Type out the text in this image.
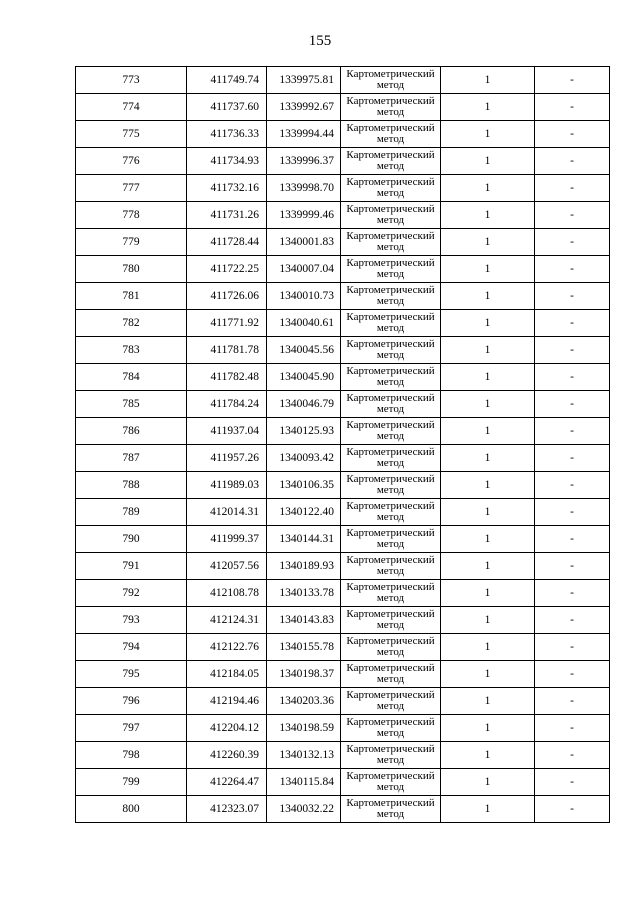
155
773	411749.74	1339975.81	Картометрический метод	1	-
774	411737.60	1339992.67	Картометрический метод	1	-
775	411736.33	1339994.44	Картометрический метод	1	-
776	411734.93	1339996.37	Картометрический метод	1	-
777	411732.16	1339998.70	Картометрический метод	1	-
778	411731.26	1339999.46	Картометрический метод	1	-
779	411728.44	1340001.83	Картометрический метод	1	-
780	411722.25	1340007.04	Картометрический метод	1	-
781	411726.06	1340010.73	Картометрический метод	1	-
782	411771.92	1340040.61	Картометрический метод	1	-
783	411781.78	1340045.56	Картометрический метод	1	-
784	411782.48	1340045.90	Картометрический метод	1	-
785	411784.24	1340046.79	Картометрический метод	1	-
786	411937.04	1340125.93	Картометрический метод	1	-
787	411957.26	1340093.42	Картометрический метод	1	-
788	411989.03	1340106.35	Картометрический метод	1	-
789	412014.31	1340122.40	Картометрический метод	1	-
790	411999.37	1340144.31	Картометрический метод	1	-
791	412057.56	1340189.93	Картометрический метод	1	-
792	412108.78	1340133.78	Картометрический метод	1	-
793	412124.31	1340143.83	Картометрический метод	1	-
794	412122.76	1340155.78	Картометрический метод	1	-
795	412184.05	1340198.37	Картометрический метод	1	-
796	412194.46	1340203.36	Картометрический метод	1	-
797	412204.12	1340198.59	Картометрический метод	1	-
798	412260.39	1340132.13	Картометрический метод	1	-
799	412264.47	1340115.84	Картометрический метод	1	-
800	412323.07	1340032.22	Картометрический метод	1	-
